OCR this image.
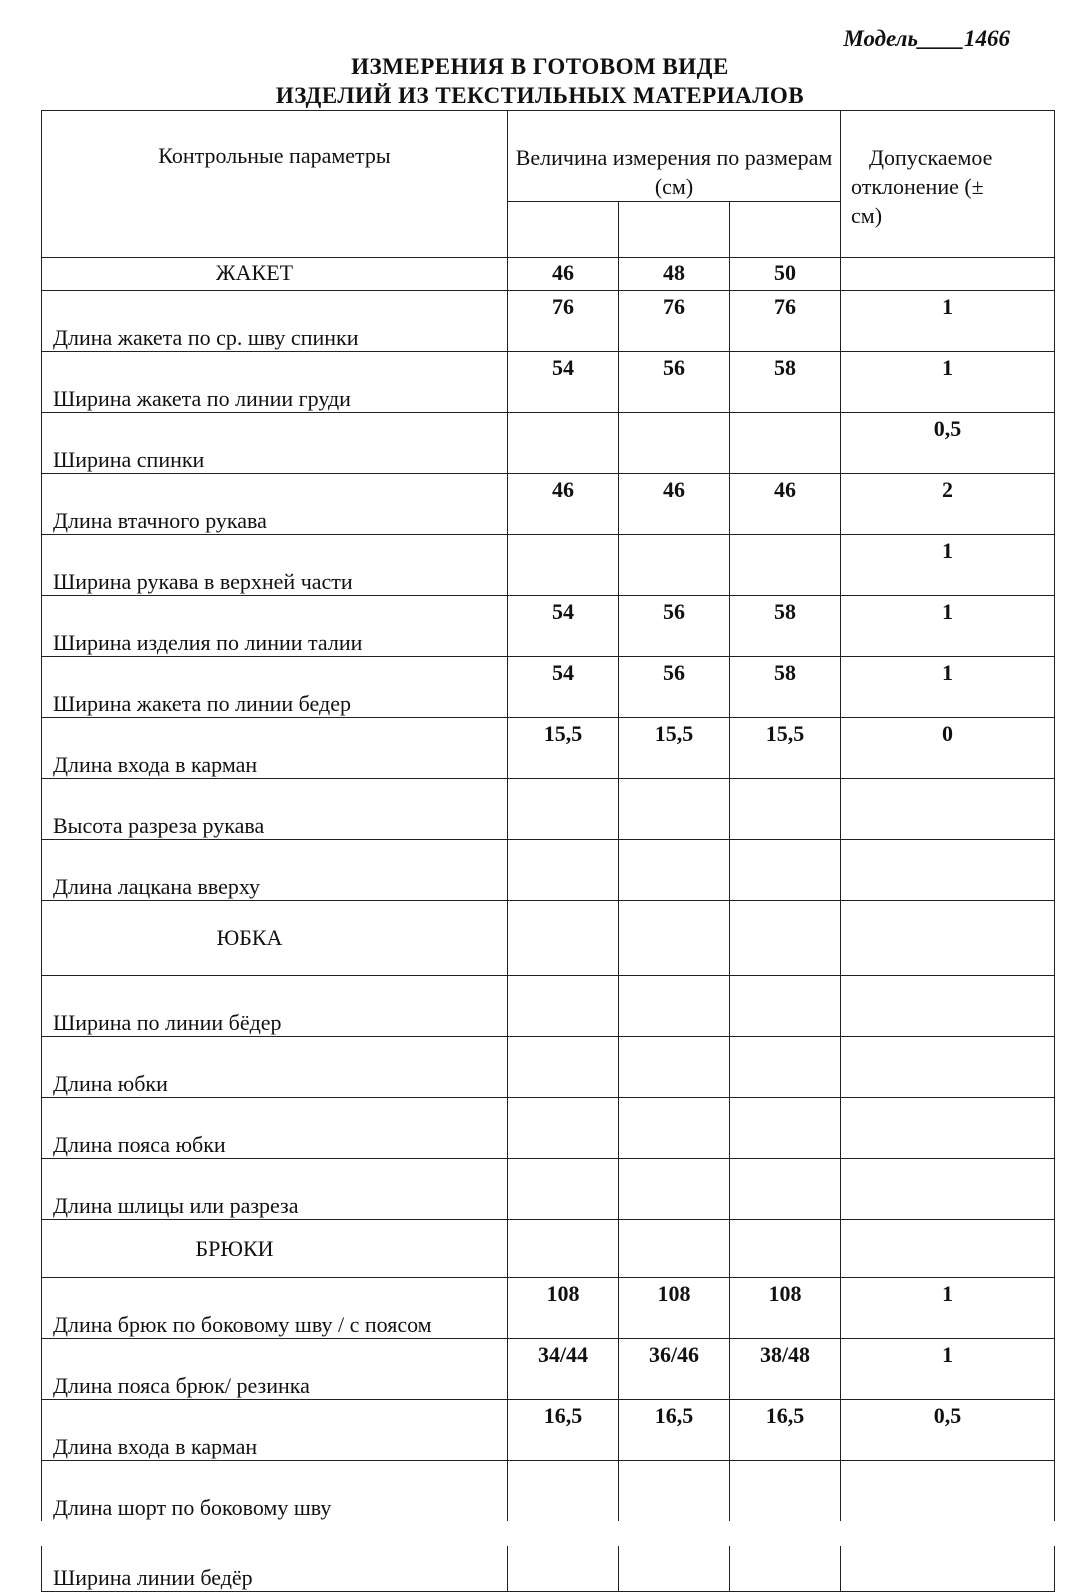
Модель____1466
ИЗМЕРЕНИЯ В ГОТОВОМ ВИДЕ
ИЗДЕЛИЙ ИЗ ТЕКСТИЛЬНЫХ МАТЕРИАЛОВ
Контрольные параметры	Величина измерения по размерам (см)			Допускаемое
отклонение (±
см)

ЖАКЕТ	46	48	50	
Длина жакета по ср. шву спинки	76	76	76	1
Ширина жакета по линии груди	54	56	58	1
Ширина спинки				0,5
Длина втачного рукава	46	46	46	2
Ширина рукава в верхней части				1
Ширина изделия по линии талии	54	56	58	1
Ширина жакета по линии бедер	54	56	58	1
Длина входа в карман	15,5	15,5	15,5	0
Высота разреза рукава				
Длина лацкана вверху				
ЮБКА				
Ширина по линии бёдер				
Длина юбки				
Длина пояса юбки				
Длина шлицы или разреза				
БРЮКИ				
Длина брюк по боковому шву / с поясом	108	108	108	1
Длина пояса брюк/ резинка	34/44	36/46	38/48	1
Длина входа в карман	16,5	16,5	16,5	0,5
Длина шорт по боковому шву				
Ширина линии бедёр				
